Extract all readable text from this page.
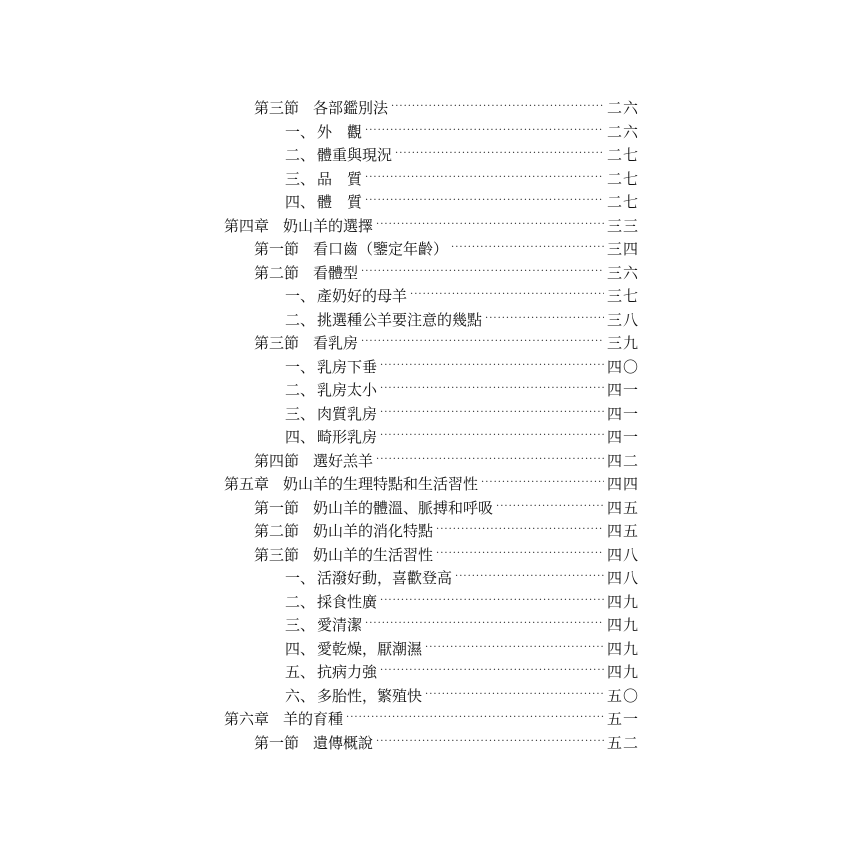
第三節 各部鑑別法 ·····	二六
一、 外　觀 ·····	二六
二、 體重與現況 ·····	二七
三、 品　質 ·····	二七
四、 體　質 ·····	二七
第四章 奶山羊的選擇 ·····	三三
第一節 看口齒（鑒定年齡） ·····	三四
第二節 看體型 ·····	三六
一、 產奶好的母羊 ·····	三七
二、 挑選種公羊要注意的幾點 ·····	三八
第三節 看乳房 ·····	三九
一、 乳房下垂 ·····	四〇
二、 乳房太小 ·····	四一
三、 肉質乳房 ·····	四一
四、 畸形乳房 ·····	四一
第四節 選好羔羊 ·····	四二
第五章 奶山羊的生理特點和生活習性 ·····	四四
第一節 奶山羊的體溫、脈搏和呼吸 ·····	四五
第二節 奶山羊的消化特點 ·····	四五
第三節 奶山羊的生活習性 ·····	四八
一、 活潑好動，喜歡登高 ·····	四八
二、 採食性廣 ·····	四九
三、 愛清潔 ·····	四九
四、 愛乾燥，厭潮濕 ·····	四九
五、 抗病力強 ·····	四九
六、 多胎性，繁殖快 ·····	五〇
第六章 羊的育種 ·····	五一
第一節 遺傳概說 ·····	五二
